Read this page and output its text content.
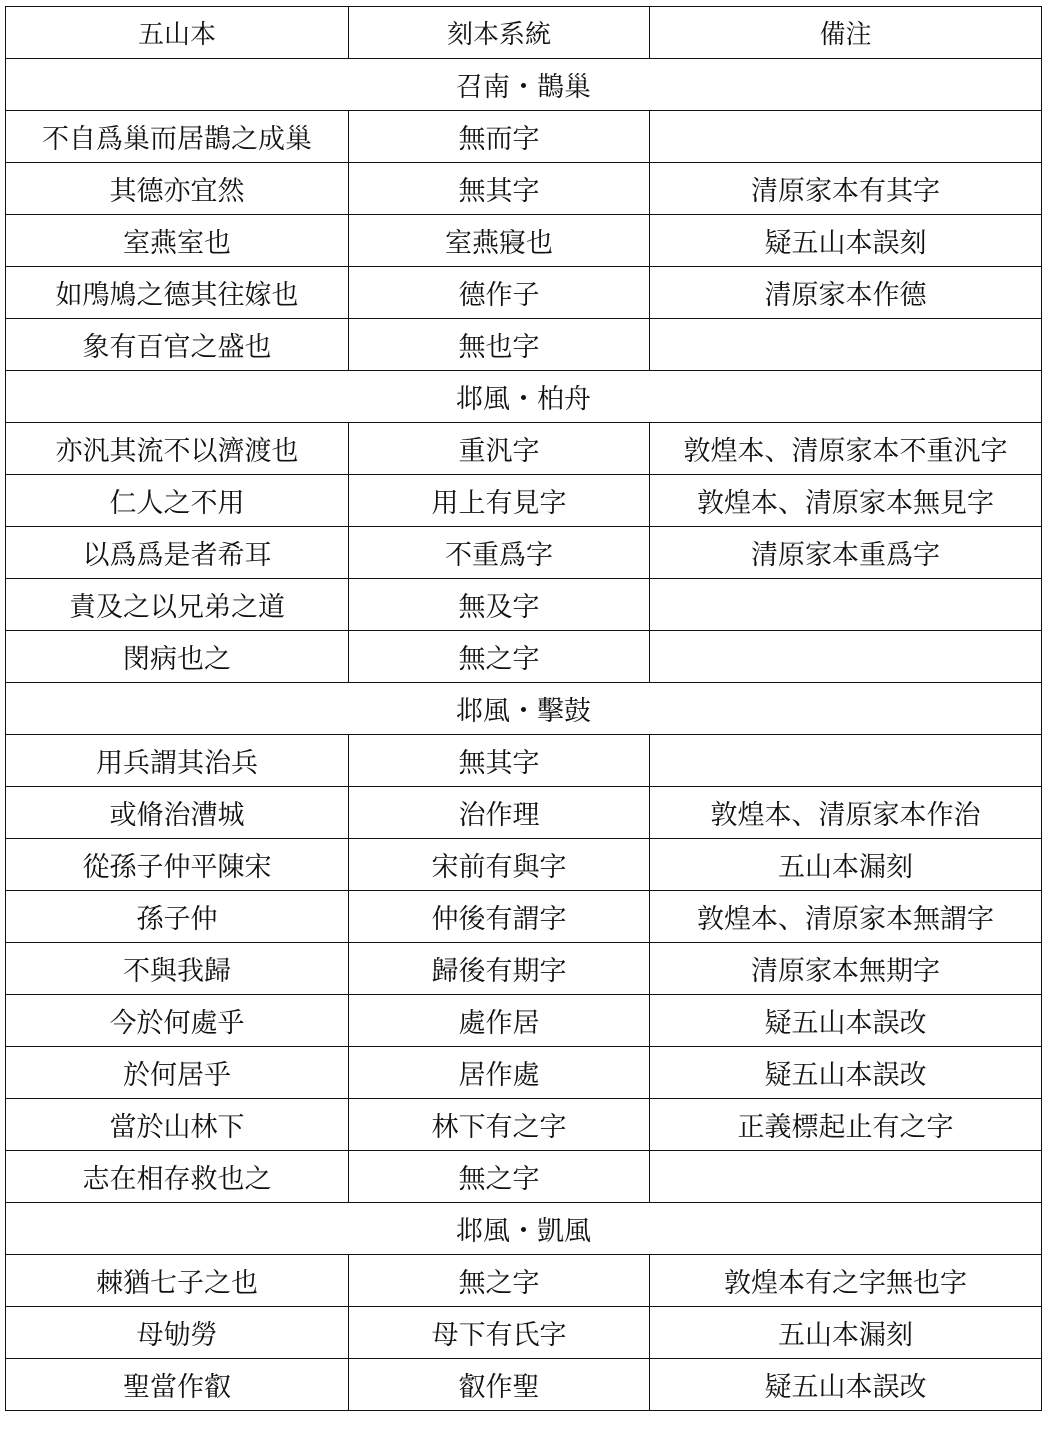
五山本	刻本系統	備注
召南・鵲巢		
不自爲巢而居鵲之成巢	無而字	
其德亦宜然	無其字	清原家本有其字
室燕室也	室燕寢也	疑五山本誤刻
如鳲鳩之德其往嫁也	德作子	清原家本作德
象有百官之盛也	無也字	
邶風・柏舟		
亦汎其流不以濟渡也	重汎字	敦煌本、清原家本不重汎字
仁人之不用	用上有見字	敦煌本、清原家本無見字
以爲爲是者希耳	不重爲字	清原家本重爲字
責及之以兄弟之道	無及字	
閔病也之	無之字	
邶風・擊鼓		
用兵謂其治兵	無其字	
或脩治漕城	治作理	敦煌本、清原家本作治
從孫子仲平陳宋	宋前有與字	五山本漏刻
孫子仲	仲後有謂字	敦煌本、清原家本無謂字
不與我歸	歸後有期字	清原家本無期字
今於何處乎	處作居	疑五山本誤改
於何居乎	居作處	疑五山本誤改
當於山林下	林下有之字	正義標起止有之字
志在相存救也之	無之字	
邶風・凱風		
棘猶七子之也	無之字	敦煌本有之字無也字
母劬勞	母下有氏字	五山本漏刻
聖當作叡	叡作聖	疑五山本誤改
